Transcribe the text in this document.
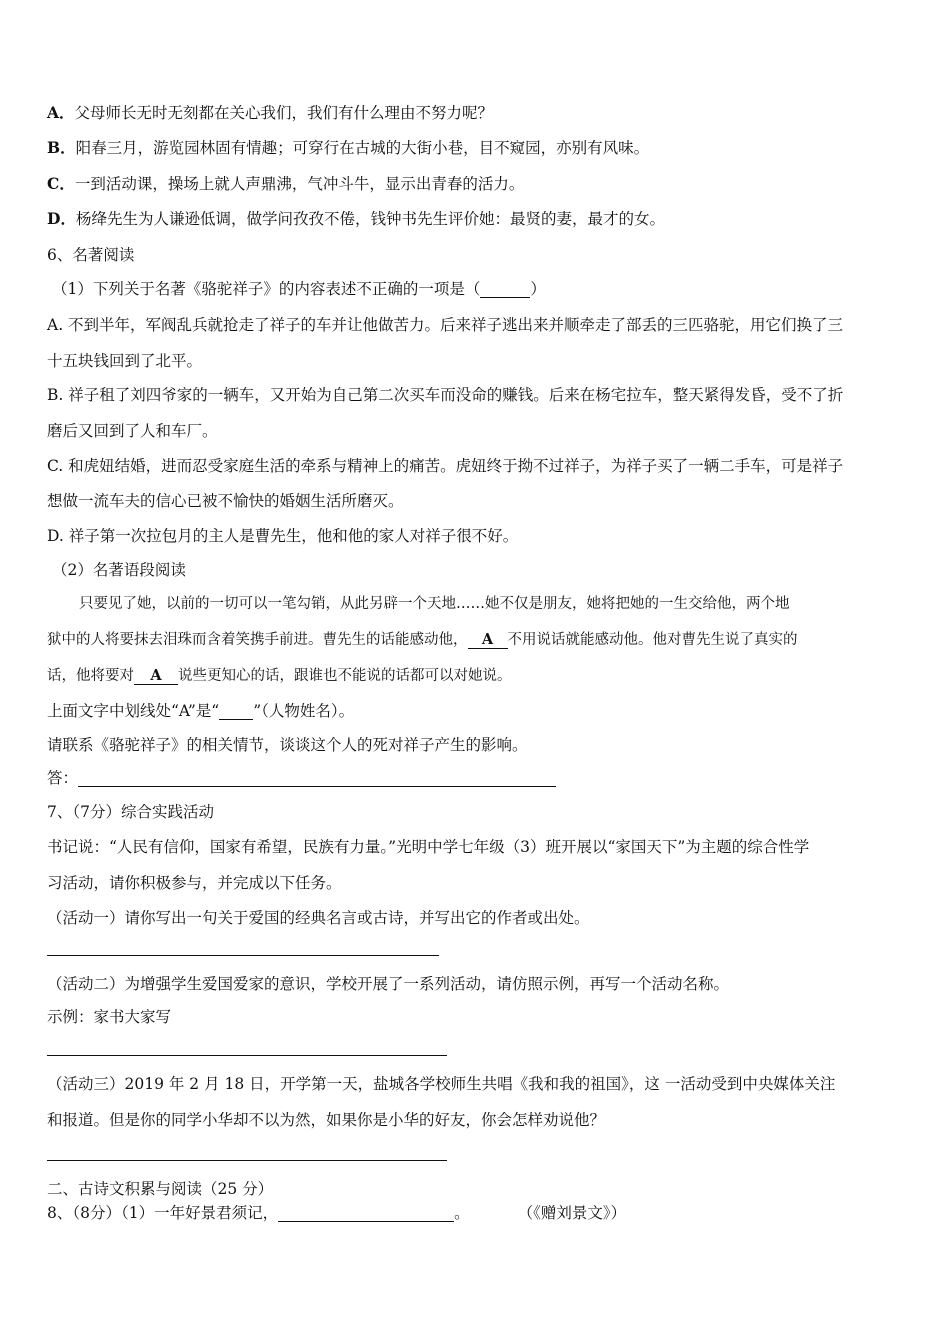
A．父母师长无时无刻都在关心我们，我们有什么理由不努力呢？
B．阳春三月，游览园林固有情趣；可穿行在古城的大街小巷，目不窥园，亦别有风味。
C．一到活动课，操场上就人声鼎沸，气冲斗牛，显示出青春的活力。
D．杨绛先生为人谦逊低调，做学问孜孜不倦，钱钟书先生评价她：最贤的妻，最才的女。
6、名著阅读
（1）下列关于名著《骆驼祥子》的内容表述不正确的一项是（	）
A. 不到半年，军阀乱兵就抢走了祥子的车并让他做苦力。后来祥子逃出来并顺牵走了部丢的三匹骆驼，用它们换了三
十五块钱回到了北平。
B. 祥子租了刘四爷家的一辆车，又开始为自己第二次买车而没命的赚钱。后来在杨宅拉车，整天紧得发昏，受不了折
磨后又回到了人和车厂。
C. 和虎妞结婚，进而忍受家庭生活的牵系与精神上的痛苦。虎妞终于拗不过祥子，为祥子买了一辆二手车，可是祥子
想做一流车夫的信心已被不愉快的婚姻生活所磨灭。
D. 祥子第一次拉包月的主人是曹先生，他和他的家人对祥子很不好。
（2）名著语段阅读
只要见了她，以前的一切可以一笔勾销，从此另辟一个天地……她不仅是朋友，她将把她的一生交给他，两个地
狱中的人将要抹去泪珠而含着笑携手前进。曹先生的话能感动他， A 不用说话就能感动他。他对曹先生说了真实的
话，他将要对 A 说些更知心的话，跟谁也不能说的话都可以对她说。
上面文字中划线处“A”是“ ”（人物姓名）。
请联系《骆驼祥子》的相关情节，谈谈这个人的死对祥子产生的影响。
答：
7、（7分）综合实践活动
书记说：“人民有信仰，国家有希望，民族有力量。”光明中学七年级（3）班开展以“家国天下”为主题的综合性学
习活动，请你积极参与，并完成以下任务。
（活动一）请你写出一句关于爱国的经典名言或古诗，并写出它的作者或出处。
（活动二）为增强学生爱国爱家的意识，学校开展了一系列活动，请仿照示例，再写一个活动名称。
示例：家书大家写
（活动三）2019 年 2 月 18 日，开学第一天，盐城各学校师生共唱《我和我的祖国》，这 一活动受到中央媒体关注
和报道。但是你的同学小华却不以为然，如果你是小华的好友，你会怎样劝说他？
二、古诗文积累与阅读（25 分）
8、（8分）（1）一年好景君须记，	。	（《赠刘景文》）
